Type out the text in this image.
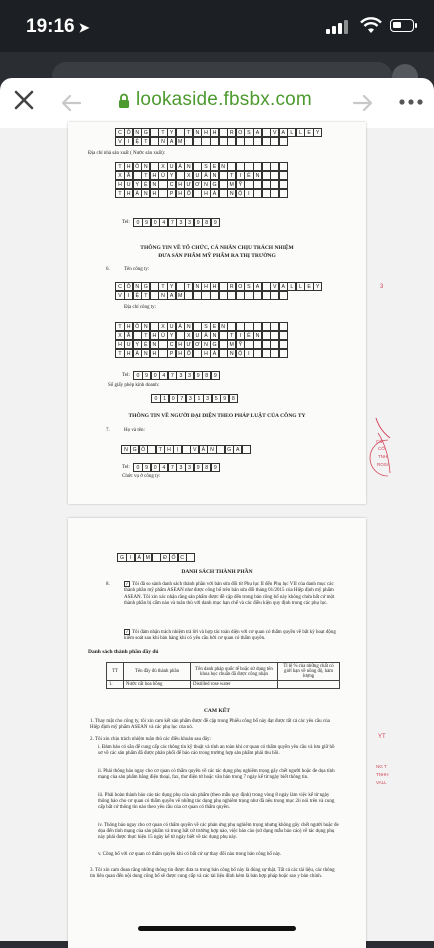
19:16 ➤
lookaside.fbsbx.com
C Ô N G	T	Y	T N H H	R O S A	V A	L	L	E Y
V	I	Ệ	T	N A M
Địa chỉ nhà sản xuất ( Nước sản xuất):
T H Ô N	X U Â N	S E N
X Ã	T H Ủ Y	X U Â N	T	I	Ê N
H U Y Ệ N	C H Ư Ơ N G	M Ỹ
T H À N H	P H Ố	H À	N Ộ	I
Tel:	0	9	0	4	7	3	3	9	8	9
THÔNG TIN VỀ TỔ CHỨC, CÁ NHÂN CHỊU TRÁCH NHIỆM
ĐƯA SẢN PHẨM MỸ PHẨM RA THỊ TRƯỜNG
6.	Tên công ty:
C Ô N G	T	Y	T N H H	R O S A	V A	L	L	E Y
V	I	Ệ	T	N A M
Địa chỉ công ty:
T H Ô N	X U Â N	S E N
X Ã	T H Ủ Y	X U Â N	T	I	Ê N
H U Y Ệ N	C H Ư Ơ N G	M Ỹ
T H À N H	P H Ố	H À	N Ộ	I
Tel:	0	9	0	4	7	3	3	9	8	9
Số giấy phép kinh doanh:
0	1	0	7	3	1	3	5	9	8
THÔNG TIN VỀ NGƯỜI ĐẠI DIỆN THEO PHÁP LUẬT CỦA CÔNG TY
7.	Họ và tên:
N G Ô	T H	Ị	V Â N	G A
Tel:	0	9	0	4	7	3	3	9	8	9
Chức vụ ở công ty:
G	I	Á M	Đ Ố C
DANH SÁCH THÀNH PHẦN
8.	✓ Tôi đã so sánh danh sách thành phần với bản sửa đổi từ Phụ lục II đến Phụ lục VII của danh mục các thành phần mỹ phẩm ASEAN như được công bố trên bản sửa đổi tháng 01/2015 của Hiệp định mỹ phẩm ASEAN. Tôi xin xác nhận rằng sản phẩm được đề cập đến trong bản công bố này không chứa bất cứ một thành phần bị cấm nào và tuân thủ với danh mục hạn chế và các điều kiện quy định trong các phụ lục.
✓ Tôi đảm nhận trách nhiệm trả lời và hợp tác toàn diện với cơ quan có thẩm quyền về bất kỳ hoạt động kiểm soát sau khi bán hàng khi có yêu cầu bởi cơ quan có thẩm quyền.
Danh sách thành phần đầy đủ
TT	Tên đầy đủ thành phần	Tên danh pháp quốc tế hoặc sử dụng tên khoa học chuẩn đã được công nhận	Tỉ lệ % của những chất có giới hạn về nồng độ, hàm lượng
1.	Nước cất hoa hồng	Distilled rose water	
CAM KẾT
1. Thay mặt cho công ty, tôi xin cam kết sản phẩm được đề cập trong Phiếu công bố này đạt được tất cả các yêu cầu của Hiệp định mỹ phẩm ASEAN và các phụ lục của nó.
2. Tôi xin chịu trách nhiệm tuân thủ các điều khoản sau đây:
i. Đảm bảo có sẵn để cung cấp các thông tin kỹ thuật và tính an toàn khi cơ quan có thẩm quyền yêu cầu và lưu giữ hồ sơ về các sản phẩm đã được phân phối để báo cáo trong trường hợp sản phẩm phải thu hồi.
ii. Phải thông báo ngay cho cơ quan có thẩm quyền về các tác dụng phụ nghiêm trọng gây chết người hoặc đe dọa tính mạng của sản phẩm bằng điện thoại, fax, thư điện tử hoặc văn bản trong 7 ngày kể từ ngày biết thông tin.
iii. Phải hoàn thành báo cáo tác dụng phụ của sản phẩm (theo mẫu quy định) trong vòng 8 ngày làm việc kể từ ngày thông báo cho cơ quan có thẩm quyền về những tác dụng phụ nghiêm trọng như đã nêu trong mục 2ii nói trên và cung cấp bất cứ thông tin nào theo yêu cầu của cơ quan có thẩm quyền.
iv. Thông báo ngay cho cơ quan có thẩm quyền về các phản ứng phụ nghiêm trọng nhưng không gây chết người hoặc đe dọa đến tính mạng của sản phẩm và trong bất cứ trường hợp nào, việc báo cáo (sử dụng mẫu báo cáo) về tác dụng phụ này phải được thực hiện 15 ngày kể từ ngày biết về tác dụng phụ này.
v. Công bố với cơ quan có thẩm quyền khi có bất cứ sự thay đổi nào trong bản công bố này.
3. Tôi xin cam đoan rằng những thông tin được đưa ra trong bản công bố này là đúng sự thật. Tất cả các tài liệu, các thông tin liên quan đến nội dung công bố sẽ được cung cấp và các tài liệu đính kèm là bản hợp pháp hoặc sao y bản chính.
3
CÔ
CÔ
TNH
ROSA
YT
NG T
TNHH
VALL
